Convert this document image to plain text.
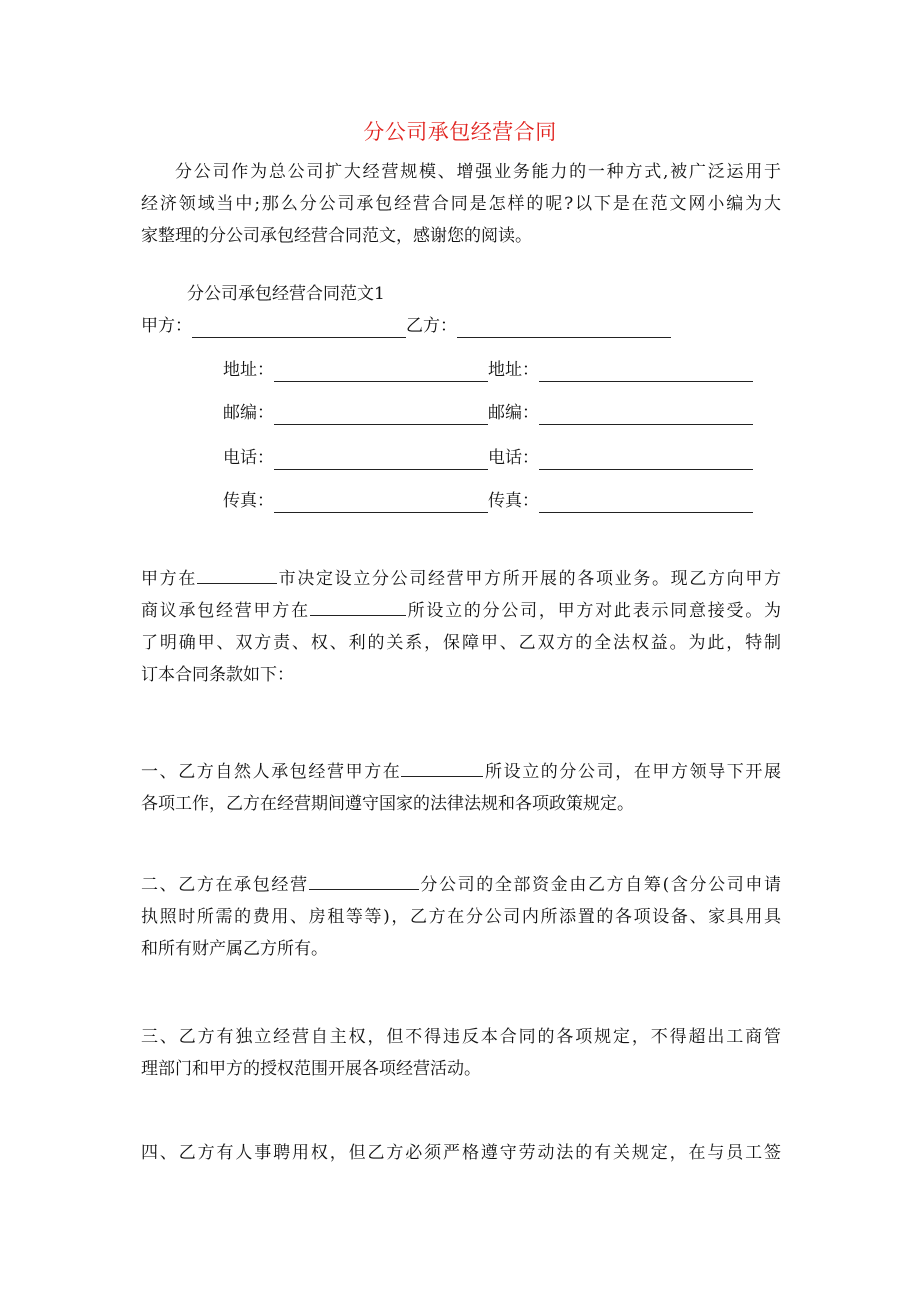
分公司承包经营合同
分公司作为总公司扩大经营规模、增强业务能力的一种方式,被广泛运用于
经济领域当中;那么分公司承包经营合同是怎样的呢?以下是在范文网小编为大
家整理的分公司承包经营合同范文，感谢您的阅读。
分公司承包经营合同范文1
甲方：	乙方：
地址：	地址：
邮编：	邮编：
电话：	电话：
传真：	传真：
甲方在	市决定设立分公司经营甲方所开展的各项业务。现乙方向甲方
商议承包经营甲方在	所设立的分公司，甲方对此表示同意接受。为
了明确甲、双方责、权、利的关系，保障甲、乙双方的全法权益。为此，特制
订本合同条款如下：
一、乙方自然人承包经营甲方在	所设立的分公司，在甲方领导下开展
各项工作，乙方在经营期间遵守国家的法律法规和各项政策规定。
二、乙方在承包经营	分公司的全部资金由乙方自筹(含分公司申请
执照时所需的费用、房租等等)，乙方在分公司内所添置的各项设备、家具用具
和所有财产属乙方所有。
三、乙方有独立经营自主权，但不得违反本合同的各项规定，不得超出工商管
理部门和甲方的授权范围开展各项经营活动。
四、乙方有人事聘用权，但乙方必须严格遵守劳动法的有关规定，在与员工签
